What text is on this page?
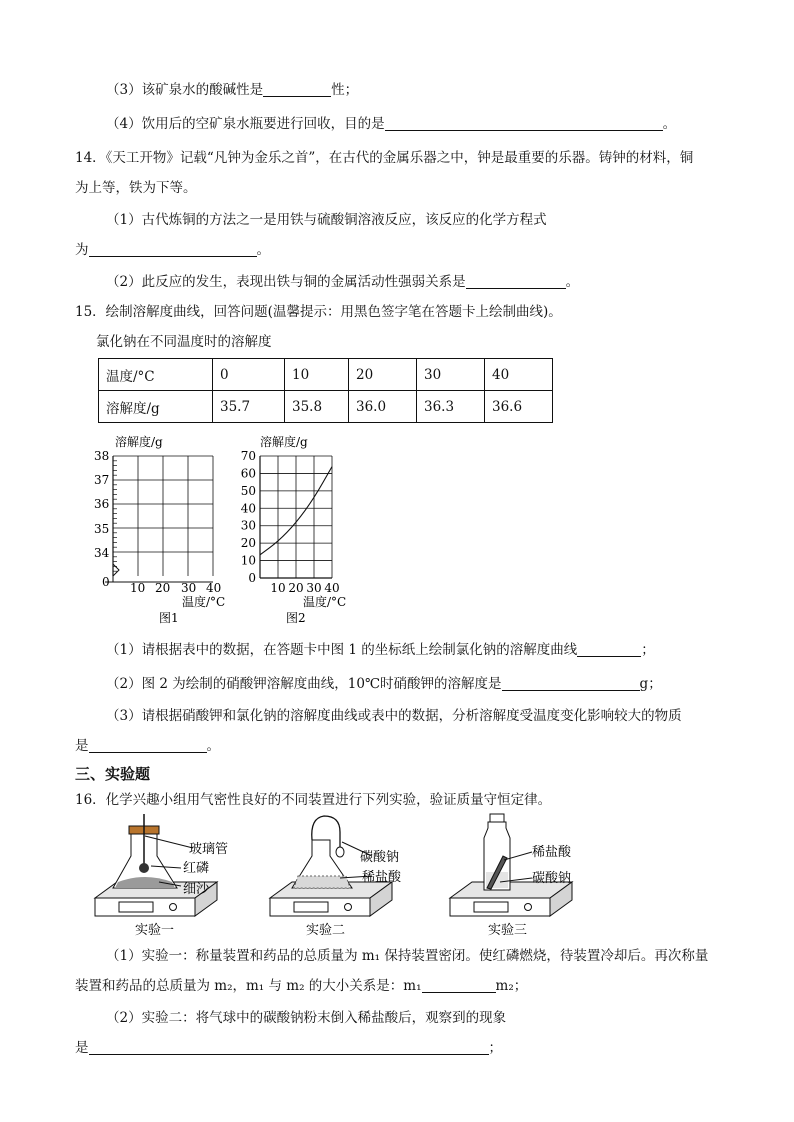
（3）该矿泉水的酸碱性是	性；
（4）饮用后的空矿泉水瓶要进行回收，目的是	。
14．《天工开物》记载“凡钟为金乐之首”，在古代的金属乐器之中，钟是最重要的乐器。铸钟的材料，铜
为上等，铁为下等。
（1）古代炼铜的方法之一是用铁与硫酸铜溶液反应，该反应的化学方程式
为	。
（2）此反应的发生，表现出铁与铜的金属活动性强弱关系是	。
15．绘制溶解度曲线，回答问题(温馨提示：用黑色签字笔在答题卡上绘制曲线)。
氯化钠在不同温度时的溶解度
温度/°C	0	10	20	30	40
溶解度/g	35.7	35.8	36.0	36.3	36.6
溶解度/g
38
37
36
35
34
0 10 20 30 40
温度/°C
图1
溶解度/g
0
10
20
30
40
50
60
70
10 20 30 40
温度/°C
图2
（1）请根据表中的数据，在答题卡中图 1 的坐标纸上绘制氯化钠的溶解度曲线	；
（2）图 2 为绘制的硝酸钾溶解度曲线，10℃时硝酸钾的溶解度是	g；
（3）请根据硝酸钾和氯化钠的溶解度曲线或表中的数据，分析溶解度受温度变化影响较大的物质
是	。
三、实验题
16．化学兴趣小组用气密性良好的不同装置进行下列实验，验证质量守恒定律。
玻璃管
红磷
细沙
实验一
碳酸钠
稀盐酸
实验二
稀盐酸
碳酸钠
实验三
（1）实验一：称量装置和药品的总质量为 m₁ 保持装置密闭。使红磷燃烧，待装置冷却后。再次称量
装置和药品的总质量为 m₂，m₁ 与 m₂ 的大小关系是：m₁	m₂；
（2）实验二：将气球中的碳酸钠粉末倒入稀盐酸后，观察到的现象
是	；
